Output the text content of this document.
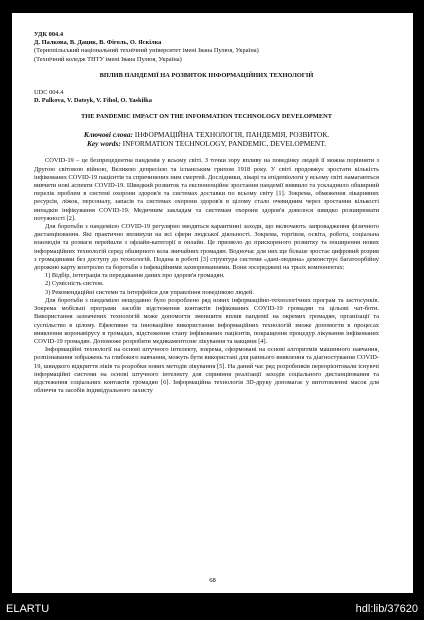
УДК 004.4

Д. Палкова, В. Дацик, В. Фіголь, О. Яскілка

(Тернопільський національний технічний університет імені Івана Пулюя, Україна)

(Технічний коледж ТНТУ імені Івана Пулюя, Україна)

ВПЛИВ ПАНДЕМІЇ НА РОЗВИТОК ІНФОРМАЦІЙНИХ ТЕХНОЛОГІЙ

UDC 004.4

D. Palkova, V. Datsyk, V. Fihol, O. Yaskilka

THE PANDEMIC IMPACT ON THE INFORMATION TECHNOLOGY DEVELOPMENT

Ключові слова: ІНФОРМАЦІЙНА ТЕХНОЛОГІЯ, ПАНДЕМІЯ, РОЗВИТОК.

Key words: INFORMATION TECHNOLOGY, PANDEMIC, DEVELOPMENT.

COVID-19 – це безпрецедентна пандемія у всьому світі. З точки зору впливу на поведінку людей її можна порівняти з Другою світовою війною, Великою депресією та іспанським грипом 1918 року. У світі продовжує зростати кількість інфікованих COVID-19 пацієнтів та спричинених ним смертей. Дослідники, лікарі та епідеміологи у всьому світі намагаються вивчити нові аспекти COVID-19. Швидкий розвиток та експоненційне зростання пандемії виявило та ускладнило обширний перелік проблем в системі охорони здоров'я та системах доставки по всьому світу [1]. Зокрема, обмеження лікарняних ресурсів, ліжок, персоналу, запасів та системах охорони здоров'я в цілому стало очевидним через зростання кількості випадків інфікування COVID-19. Медичним закладам та системам охорони здоров'я довелося швидко розширювати потужності [2].

Для боротьби з пандемією COVID-19 регулярно вводяться карантинні заходи, що включають запровадження фізичного дистанціювання. Які практично вплинули на всі сфери людської діяльності. Зокрема, торгівля, освіта, робота, соціальна взаємодія та розваги перейшли з офлайн-категорії в онлайн. Це призвело до прискореного розвитку та поширення нових інформаційних технологій серед обширного кола звичайних громадян. Водночас для них ще більше зростає цифровий розрив з громадянами без доступу до технологій. Подана в роботі [3] структура системи «дані-людина» демонструє багатоорбійну дорожню карту контролю та боротьби з інфекційними захворюваннями. Вони зосереджені на трьох компонентах:

1) Відбір, інтеграція та передавання даних про здоров'я громадян.
2) Сумісність систем.
3) Рекомендаційні системи та інтерфейси для управління поведінкою людей.

Для боротьби з пандемією нещодавно було розроблено ряд нових інформаційно-технологічних програм та застосунків. Зокрема мобільні програми засобів відстеження контактів інфікованих COVID-19 громадян та цільові чат-боти. Використання зазначених технологій може допомогти зменшити вплив пандемії на окремих громадян, організації та суспільство в цілому. Ефективне та інноваційне використання інформаційних технологій зможе допомогти в процесах виявлення коронавірусу в громадах, відстеження стану інфікованих пацієнтів, покращення процедур лікування інфікованих COVID-19 громадян. Допоможе розробити медикаментозне лікування та вакцини [4].

Інформаційні технології на основі штучного інтелекту, зокрема, сформовані на основі алгоритмів машинного навчання, розпізнавання зображень та глибокого навчання, можуть бути використані для раннього виявлення та діагностування COVID-19, швидкого відкриття ліків та розробки нових методів лікування [5]. На даний час ряд розробників переорієнтовали існуючі інформаційні системи на основі штучного інтелекту для сприяння реалізації заходів соціального дистанціювання та відстеження соціальних контактів громадян [6]. Інформаційна технологія 3D-друку допомагає у виготовленні масок для обличчя та засобів індивідуального захисту

68
ELARTU	hdl:lib/37620
